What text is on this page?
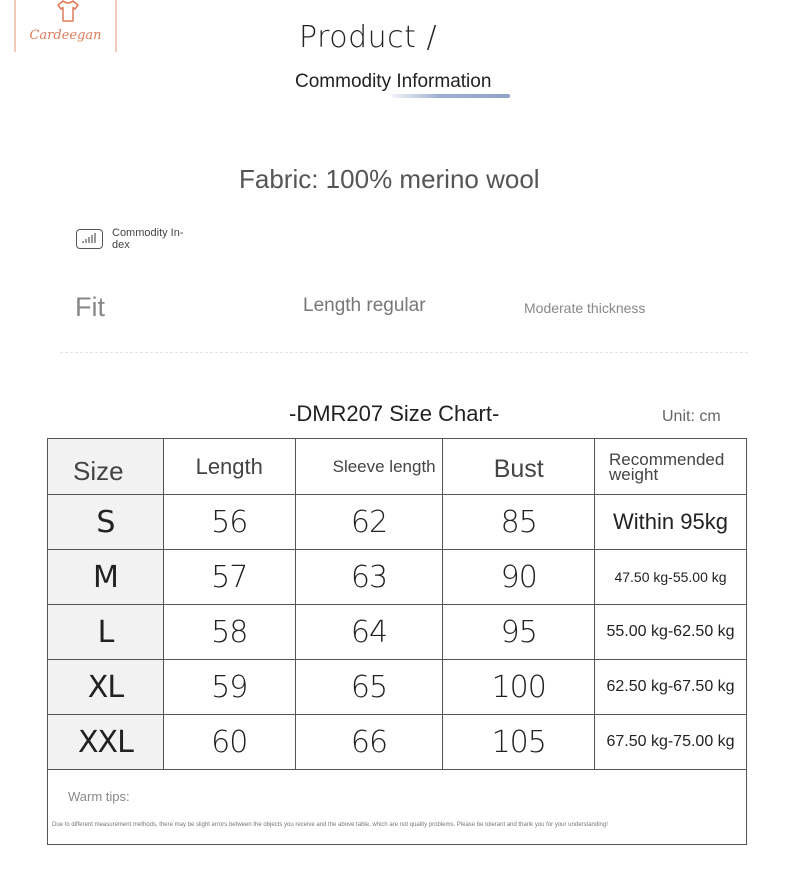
Cardeegan	Product /
Commodity Information
Fabric: 100% merino wool
Commodity In-dex
Fit	Length regular	Moderate thickness
-DMR207 Size Chart-	Unit: cm
Size	Length	Sleeve length	Bust	Recommended weight
S	56	62	85	Within 95kg
M	57	63	90	47.50 kg-55.00 kg
L	58	64	95	55.00 kg-62.50 kg
XL	59	65	100	62.50 kg-67.50 kg
XXL	60	66	105	67.50 kg-75.00 kg

Warm tips:
Due to different measurement methods, there may be slight errors between the objects you receive and the above table, which are not quality problems. Please be tolerant and thank you for your understanding!				
